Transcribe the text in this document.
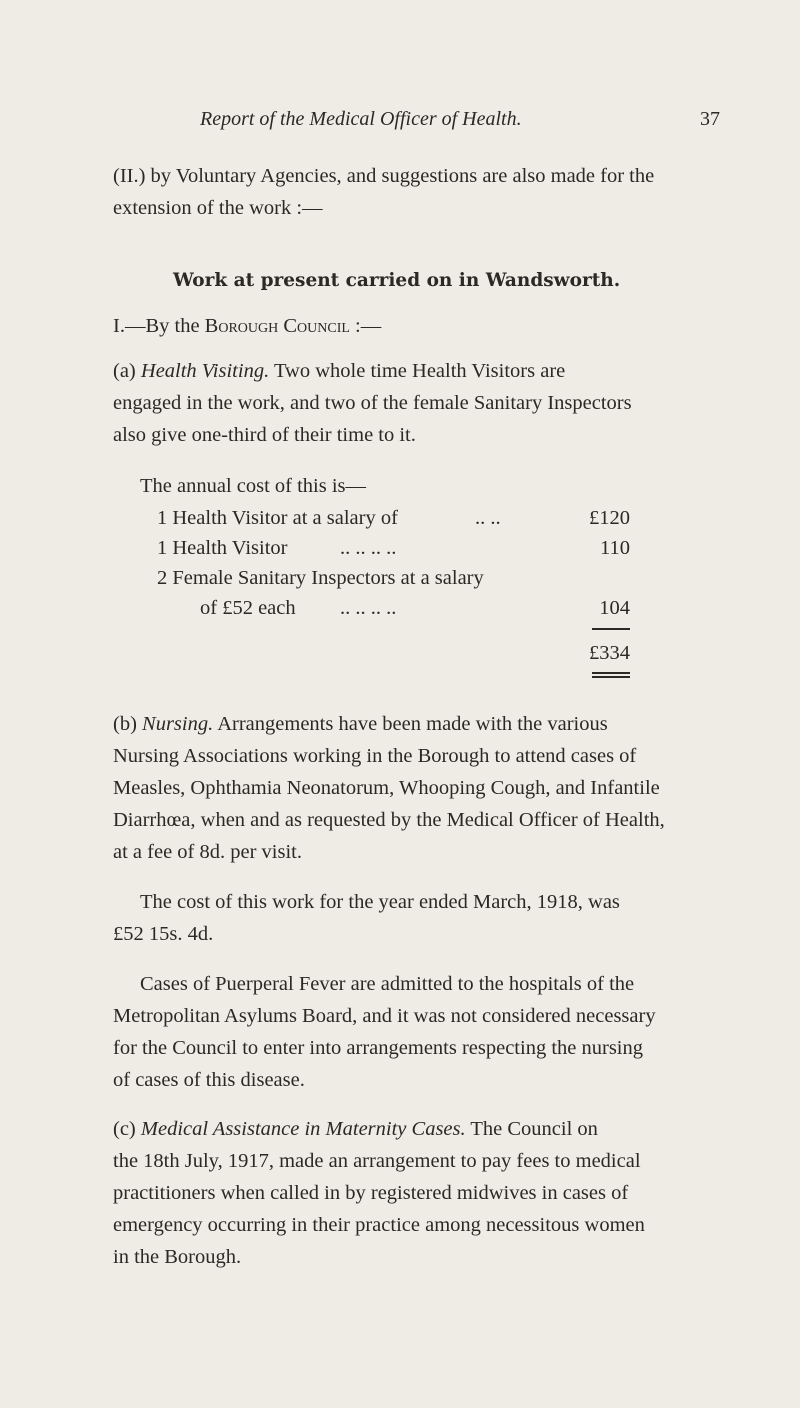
Report of the Medical Officer of Health.	37
(II.) by Voluntary Agencies, and suggestions are also made for the
extension of the work :—
Work at present carried on in Wandsworth.
I.—By the Borough Council :—
(a) Health Visiting. Two whole time Health Visitors are
engaged in the work, and two of the female Sanitary Inspectors
also give one-third of their time to it.
The annual cost of this is—
1 Health Visitor at a salary of	.. ..	£120
1 Health Visitor	.. .. .. ..	110
2 Female Sanitary Inspectors at a salary
of £52 each .. .. .. ..	104
£334
(b) Nursing. Arrangements have been made with the various
Nursing Associations working in the Borough to attend cases of
Measles, Ophthamia Neonatorum, Whooping Cough, and Infantile
Diarrhœa, when and as requested by the Medical Officer of Health,
at a fee of 8d. per visit.
The cost of this work for the year ended March, 1918, was
£52 15s. 4d.
Cases of Puerperal Fever are admitted to the hospitals of the
Metropolitan Asylums Board, and it was not considered necessary
for the Council to enter into arrangements respecting the nursing
of cases of this disease.
(c) Medical Assistance in Maternity Cases. The Council on
the 18th July, 1917, made an arrangement to pay fees to medical
practitioners when called in by registered midwives in cases of
emergency occurring in their practice among necessitous women
in the Borough.
